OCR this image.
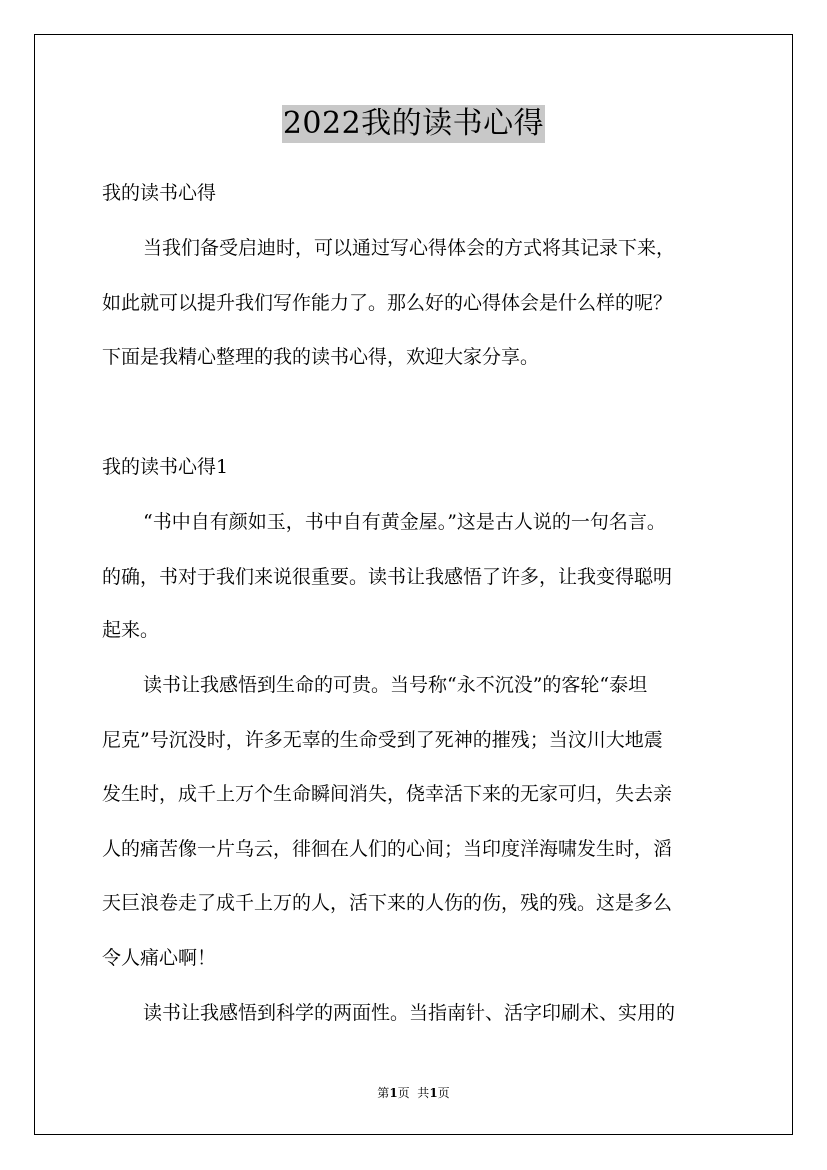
2022我的读书心得

我的读书心得

当我们备受启迪时，可以通过写心得体会的方式将其记录下来，

如此就可以提升我们写作能力了。那么好的心得体会是什么样的呢？

下面是我精心整理的我的读书心得，欢迎大家分享。

我的读书心得1

“书中自有颜如玉，书中自有黄金屋。”这是古人说的一句名言。

的确，书对于我们来说很重要。读书让我感悟了许多，让我变得聪明

起来。

读书让我感悟到生命的可贵。当号称“永不沉没”的客轮“泰坦

尼克”号沉没时，许多无辜的生命受到了死神的摧残；当汶川大地震

发生时，成千上万个生命瞬间消失，侥幸活下来的无家可归，失去亲

人的痛苦像一片乌云，徘徊在人们的心间；当印度洋海啸发生时，滔

天巨浪卷走了成千上万的人，活下来的人伤的伤，残的残。这是多么

令人痛心啊！

读书让我感悟到科学的两面性。当指南针、活字印刷术、实用的

第1页  共1页
